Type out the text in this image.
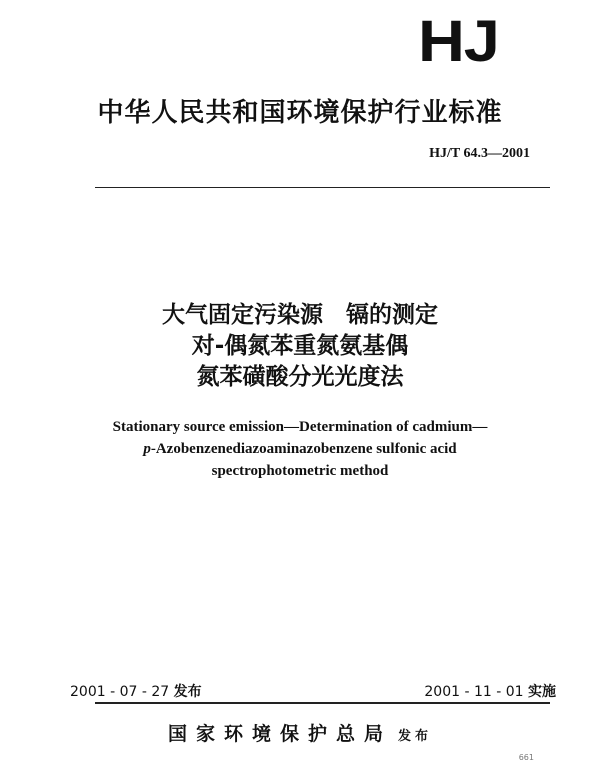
HJ
中华人民共和国环境保护行业标准
HJ/T 64.3—2001
大气固定污染源　镉的测定
对-偶氮苯重氮氨基偶
氮苯磺酸分光光度法
Stationary source emission—Determination of cadmium—
p-Azobenzenediazoaminazobenzene sulfonic acid
spectrophotometric method
2001 - 07 - 27 发布	2001 - 11 - 01 实施
国家环境保护总局 发布
661
